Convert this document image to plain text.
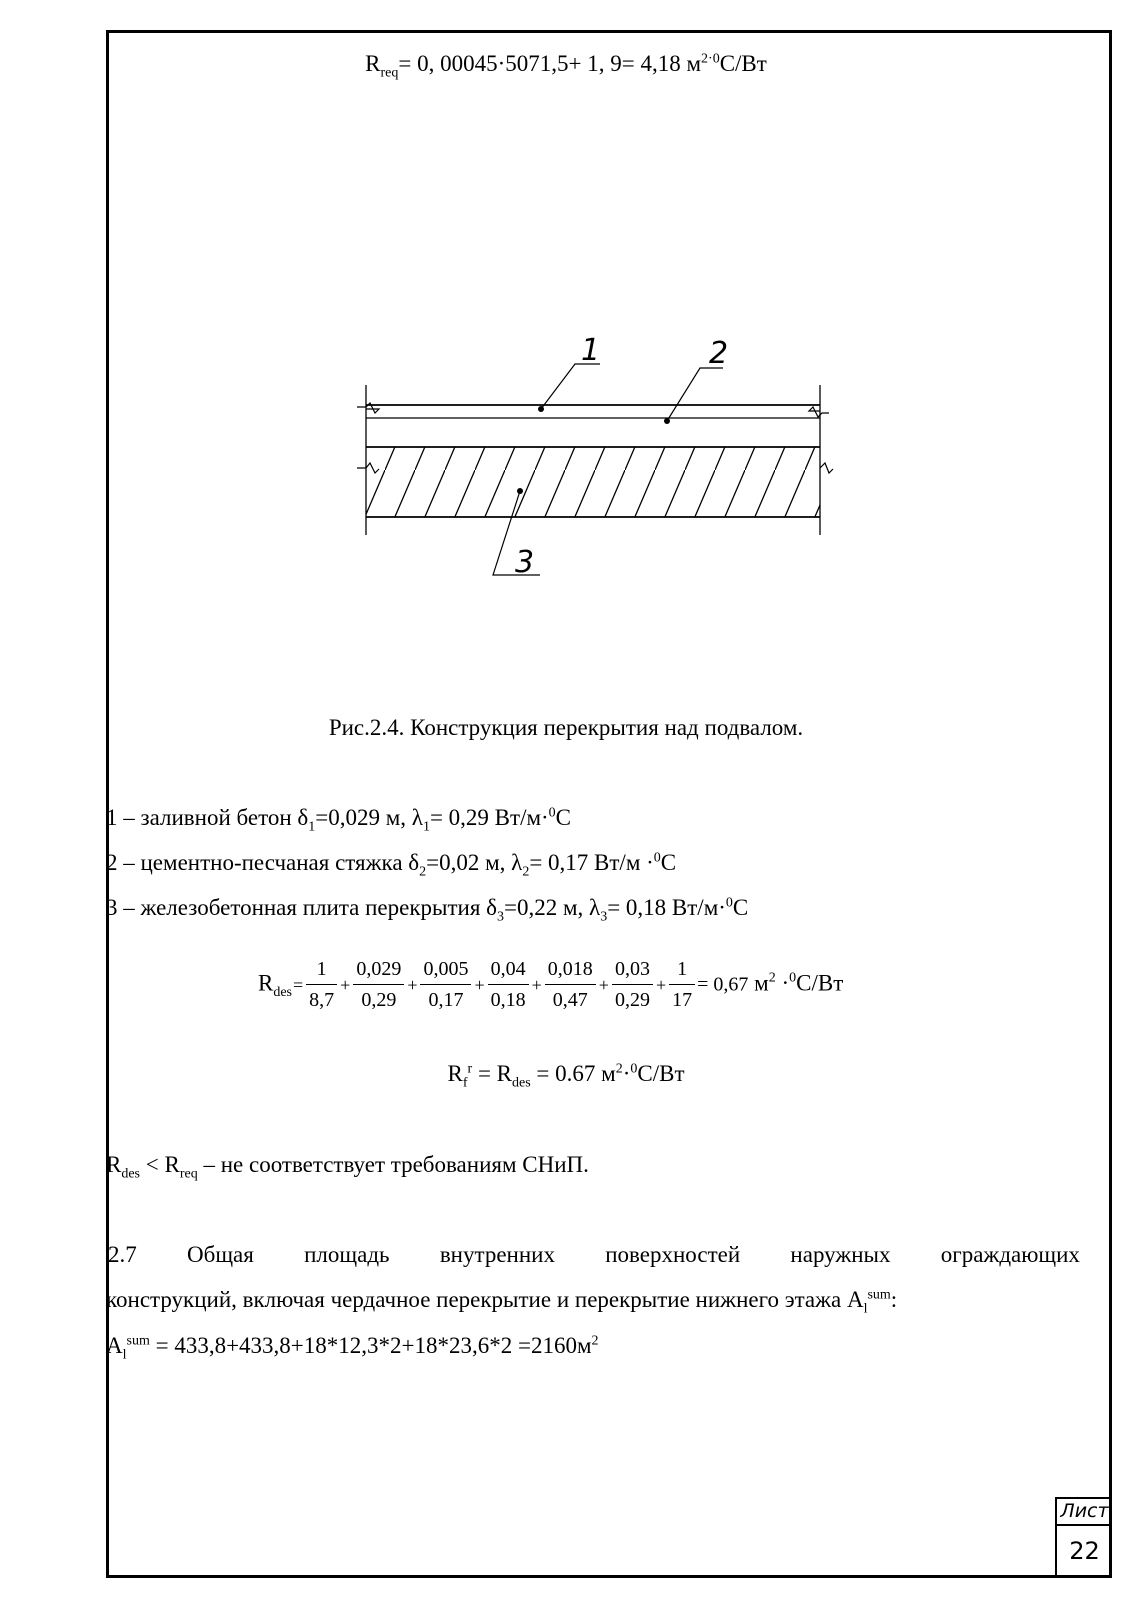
$R_{req}= 0$, 00045·5071,5+ 1, 9= 4,18 $м^{2\cdot 0}С/Вт$
1	2
3
Рис.2.4. Конструкция перекрытия над подвалом.
1 – заливной бетон $\delta_1=0,029$ м, $\lambda_1= 0,29$ Вт/м·$^0$С
2 – цементно-песчаная стяжка $\delta_2=0,02$ м, $\lambda_2= 0,17$ Вт/м ·$^0$С
3 – железобетонная плита перекрытия $\delta_3=0,22$ м, $\lambda_3= 0,18$ Вт/м·$^0$С
$R_{des}= \frac{1}{8,7} + \frac{0,029}{0,29} + \frac{0,005}{0,17} + \frac{0,04}{0,18} + \frac{0,018}{0,47} + \frac{0,03}{0,29} + \frac{1}{17} = 0,67$ $м^2 \cdot^0С/Вт$
$R_f^r = R_{des} = 0.67$ $м^2\cdot^0С/Вт$
$R_{des} < R_{req}$ – не соответствует требованиям СНиП.
2.7 Общая площадь внутренних поверхностей наружных ограждающих
конструкций, включая чердачное перекрытие и перекрытие нижнего этажа $A_l^{sum}$:
$A_l^{sum} = 433,8+433,8+18*12,3*2+18*23,6*2 =2160м^2$
Лист
22
